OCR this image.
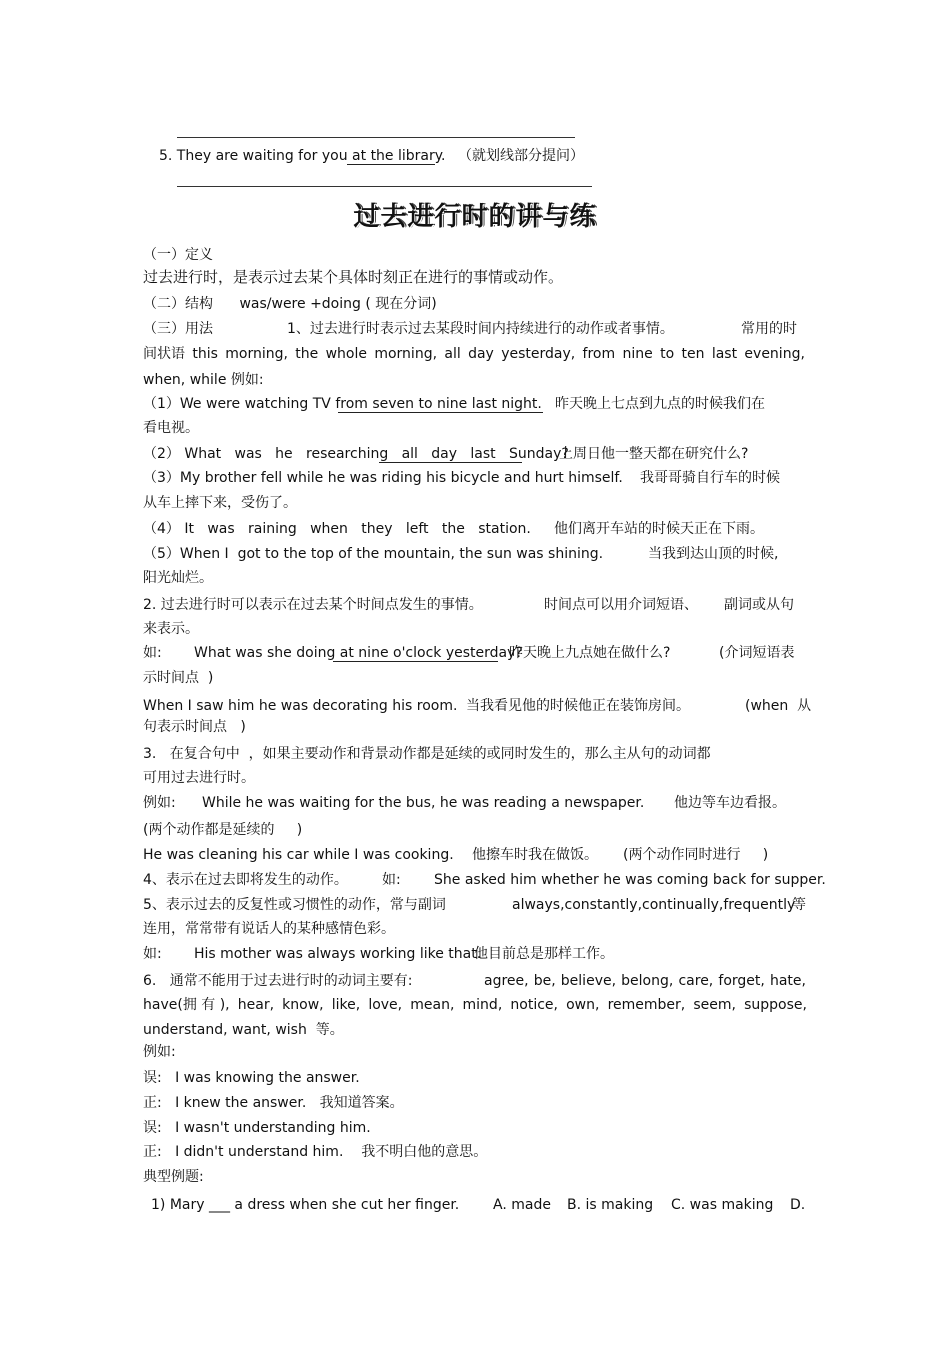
5. They are waiting for you at the library. （就划线部分提问）
过去进行时的讲与练
（一）定义
过去进行时，是表示过去某个具体时刻正在进行的事情或动作。
（二）结构 was/were +doing ( 现在分词)
（三）用法	1、过去进行时表示过去某段时间内持续进行的动作或者事情。	常用的时
间状语 this morning, the whole morning, all day yesterday, from nine to ten last evening,
when, while 例如:
（1）We were watching TV from seven to nine last night. 昨天晚上七点到九点的时候我们在
看电视。
（2） What   was   he   researching   all   day   last   Sunday?
上周日他一整天都在研究什么?
（3）My brother fell while he was riding his bicycle and hurt himself. 我哥哥骑自行车的时候
从车上摔下来，受伤了。
（4） It   was   raining   when   they   left   the   station. 他们离开车站的时候天正在下雨。
（5）When I  got to the top of the mountain, the sun was shining.	当我到达山顶的时候,
阳光灿烂。
2. 过去进行时可以表示在过去某个时间点发生的事情。	时间点可以用介词短语、 副词或从句
来表示。
如: What was she doing at nine o'clock yesterday?
昨天晚上九点她在做什么?	(介词短语表
示时间点  )
When I saw him he was decorating his room. 当我看见他的时候他正在装饰房间。	(when  从
句表示时间点   )
3.   在复合句中  ，如果主要动作和背景动作都是延续的或同时发生的，那么主从句的动词都
可用过去进行时。
例如: While he was waiting for the bus, he was reading a newspaper. 他边等车边看报。
(两个动作都是延续的     )
He was cleaning his car while I was cooking. 他擦车时我在做饭。 (两个动作同时进行     )
4、表示在过去即将发生的动作。 如: She asked him whether he was coming back for supper.
5、表示过去的反复性或习惯性的动作，常与副词	always,constantly,continually,frequently
等
连用，常常带有说话人的某种感情色彩。
如: His mother was always working like that.
他目前总是那样工作。
6.   通常不能用于过去进行时的动词主要有:	agree, be, believe, belong, care, forget, hate,
have(拥 有 ), hear, know, like, love, mean, mind, notice, own, remember, seem, suppose,
understand, want, wish  等。
例如:
误:   I was knowing the answer.
正:   I knew the answer.   我知道答案。
误:   I wasn't understanding him.
正:   I didn't understand him.    我不明白他的意思。
典型例题:
1) Mary ___ a dress when she cut her finger. A. made B. is making C. was making D.
